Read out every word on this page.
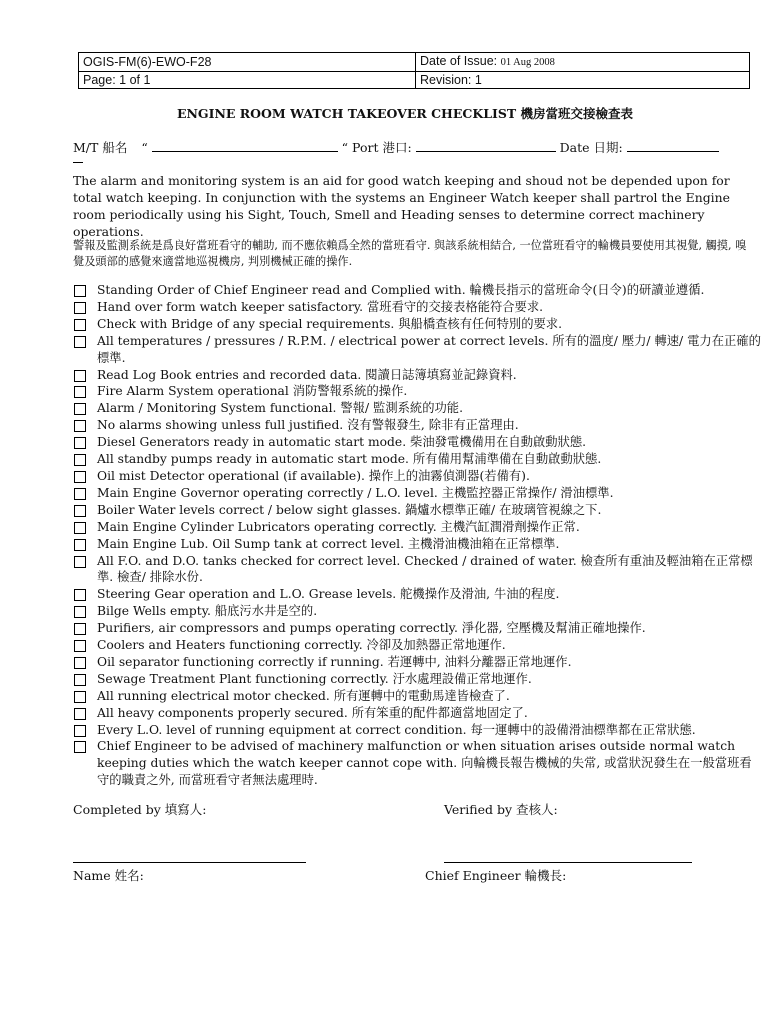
OGIS-FM(6)-EWO-F28	Date of Issue: 01 Aug 2008
Page: 1 of 1	Revision: 1
ENGINE ROOM WATCH TAKEOVER CHECKLIST 機房當班交接檢查表
M/T 船名 “	“ Port 港口:	Date 日期:
The alarm and monitoring system is an aid for good watch keeping and shoud not be depended upon for total watch keeping. In conjunction with the systems an Engineer Watch keeper shall partrol the Engine room periodically using his Sight, Touch, Smell and Heading senses to determine correct machinery operations.
警報及監測系統是爲良好當班看守的輔助, 而不應依賴爲全然的當班看守. 與該系統相結合, 一位當班看守的輪機員要使用其視覺, 觸摸, 嗅覺及頭部的感覺來適當地巡視機房, 判別機械正確的操作.
Standing Order of Chief Engineer read and Complied with. 輪機長指示的當班命令(日令)的研讀並遵循.
Hand over form watch keeper satisfactory. 當班看守的交接表格能符合要求.
Check with Bridge of any special requirements. 與船橋查核有任何特別的要求.
All temperatures / pressures / R.P.M. / electrical power at correct levels. 所有的溫度/ 壓力/ 轉速/ 電力在正確的標準.
Read Log Book entries and recorded data. 閱讀日誌簿填寫並記錄資料.
Fire Alarm System operational 消防警報系統的操作.
Alarm / Monitoring System functional. 警報/ 監測系統的功能.
No alarms showing unless full justified. 沒有警報發生, 除非有正當理由.
Diesel Generators ready in automatic start mode. 柴油發電機備用在自動啟動狀態.
All standby pumps ready in automatic start mode. 所有備用幫浦準備在自動啟動狀態.
Oil mist Detector operational (if available). 操作上的油霧偵測器(若備有).
Main Engine Governor operating correctly / L.O. level. 主機監控器正常操作/ 滑油標準.
Boiler Water levels correct / below sight glasses. 鍋爐水標準正確/ 在玻璃管視線之下.
Main Engine Cylinder Lubricators operating correctly. 主機汽缸潤滑劑操作正常.
Main Engine Lub. Oil Sump tank at correct level. 主機滑油機油箱在正常標準.
All F.O. and D.O. tanks checked for correct level. Checked / drained of water. 檢查所有重油及輕油箱在正常標準. 檢查/ 排除水份.
Steering Gear operation and L.O. Grease levels. 舵機操作及滑油, 牛油的程度.
Bilge Wells empty. 船底污水井是空的.
Purifiers, air compressors and pumps operating correctly. 淨化器, 空壓機及幫浦正確地操作.
Coolers and Heaters functioning correctly. 冷卻及加熱器正常地運作.
Oil separator functioning correctly if running. 若運轉中, 油料分離器正常地運作.
Sewage Treatment Plant functioning correctly. 汙水處理設備正常地運作.
All running electrical motor checked. 所有運轉中的電動馬達皆檢查了.
All heavy components properly secured. 所有笨重的配件都適當地固定了.
Every L.O. level of running equipment at correct condition. 每一運轉中的設備滑油標準都在正常狀態.
Chief Engineer to be advised of machinery malfunction or when situation arises outside normal watch keeping duties which the watch keeper cannot cope with. 向輪機長報告機械的失常, 或當狀況發生在一般當班看守的職責之外, 而當班看守者無法處理時.
Completed by 填寫人:	Verified by 查核人:
Name 姓名:	Chief Engineer 輪機長:
